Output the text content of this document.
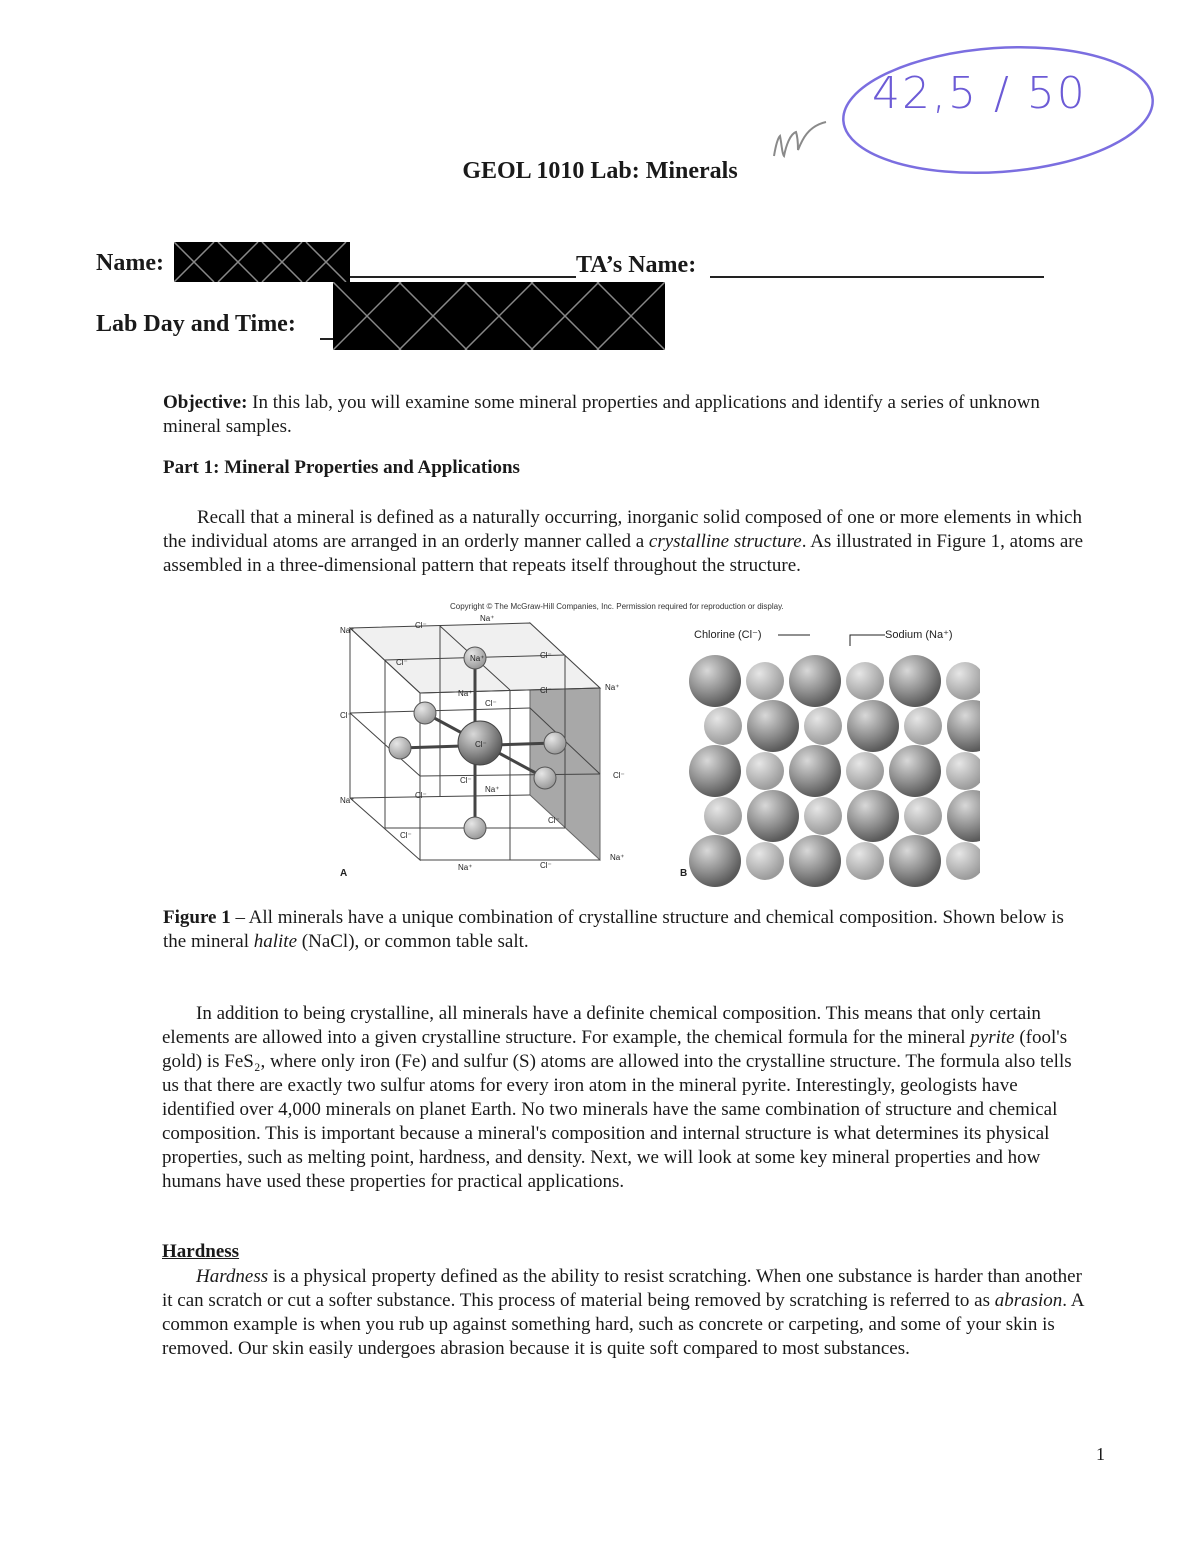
42,5 / 50
GEOL 1010 Lab: Minerals
Name:	TA’s Name:
Lab Day and Time:
Objective: In this lab, you will examine some mineral properties and applications and identify a series of unknown mineral samples.
Part 1: Mineral Properties and Applications
Recall that a mineral is defined as a naturally occurring, inorganic solid composed of one or more elements in which the individual atoms are arranged in an orderly manner called a crystalline structure. As illustrated in Figure 1, atoms are assembled in a three-dimensional pattern that repeats itself throughout the structure.
Copyright © The McGraw-Hill Companies, Inc. Permission required for reproduction or display.
Na⁺
Cl⁻
Na⁺
Cl⁻
Cl⁻
Na⁺
Cl⁻
Cl⁻
Na⁺
Cl⁻
Cl⁻
Na⁺
Cl⁻
Cl⁻
Na⁺
Cl⁻
Cl⁻
Na⁺	Cl⁻
Na⁺
Na⁺
Cl⁻
A
Chlorine (Cl⁻)	Sodium (Na⁺)
B
Figure 1 – All minerals have a unique combination of crystalline structure and chemical composition. Shown below is the mineral halite (NaCl), or common table salt.
In addition to being crystalline, all minerals have a definite chemical composition. This means that only certain elements are allowed into a given crystalline structure. For example, the chemical formula for the mineral pyrite (fool's gold) is FeS₂, where only iron (Fe) and sulfur (S) atoms are allowed into the crystalline structure. The formula also tells us that there are exactly two sulfur atoms for every iron atom in the mineral pyrite. Interestingly, geologists have identified over 4,000 minerals on planet Earth. No two minerals have the same combination of structure and chemical composition. This is important because a mineral's composition and internal structure is what determines its physical properties, such as melting point, hardness, and density. Next, we will look at some key mineral properties and how humans have used these properties for practical applications.
Hardness
Hardness is a physical property defined as the ability to resist scratching. When one substance is harder than another it can scratch or cut a softer substance. This process of material being removed by scratching is referred to as abrasion. A common example is when you rub up against something hard, such as concrete or carpeting, and some of your skin is removed. Our skin easily undergoes abrasion because it is quite soft compared to most substances.
1
